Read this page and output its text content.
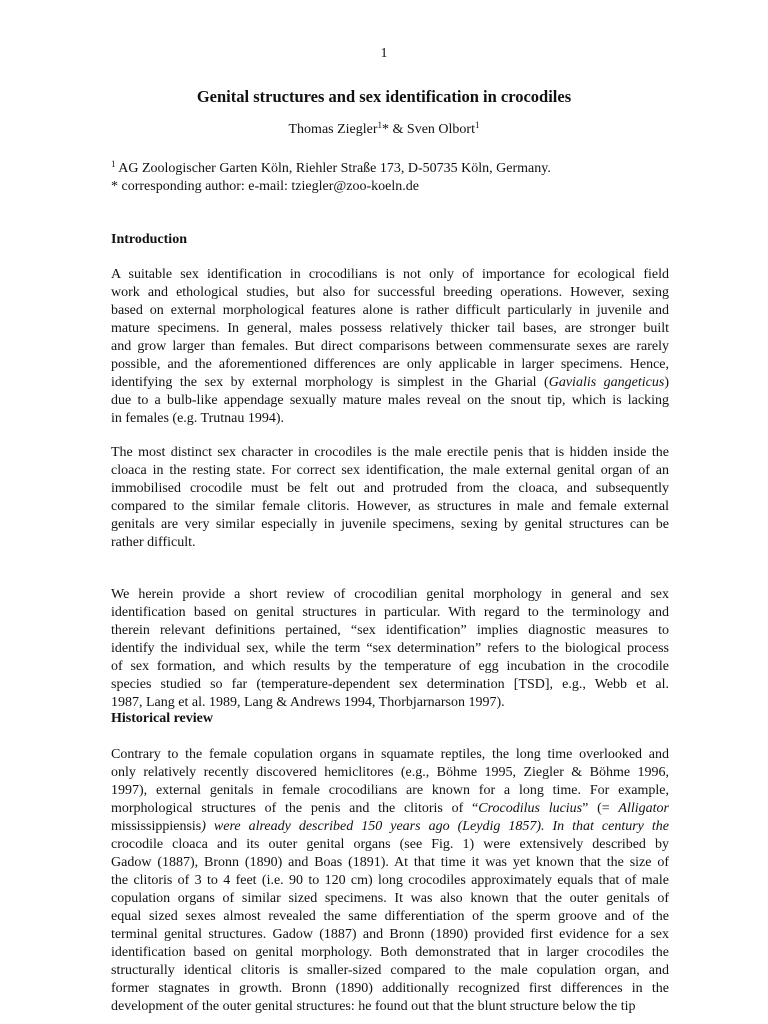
1
Genital structures and sex identification in crocodiles
Thomas Ziegler$^1$* & Sven Olbort$^1$
$^1$ AG Zoologischer Garten Köln, Riehler Straße 173, D-50735 Köln, Germany.
* corresponding author: e-mail: tziegler@zoo-koeln.de
Introduction
A suitable sex identification in crocodilians is not only of importance for ecological field
work and ethological studies, but also for successful breeding operations. However, sexing
based on external morphological features alone is rather difficult particularly in juvenile and
mature specimens. In general, males possess relatively thicker tail bases, are stronger built
and grow larger than females. But direct comparisons between commensurate sexes are rarely
possible, and the aforementioned differences are only applicable in larger specimens. Hence,
identifying the sex by external morphology is simplest in the Gharial (Gavialis gangeticus)
due to a bulb-like appendage sexually mature males reveal on the snout tip, which is lacking
in females (e.g. Trutnau 1994).
The most distinct sex character in crocodiles is the male erectile penis that is hidden inside the
cloaca in the resting state. For correct sex identification, the male external genital organ of an
immobilised crocodile must be felt out and protruded from the cloaca, and subsequently
compared to the similar female clitoris. However, as structures in male and female external
genitals are very similar especially in juvenile specimens, sexing by genital structures can be
rather difficult.
We herein provide a short review of crocodilian genital morphology in general and sex
identification based on genital structures in particular. With regard to the terminology and
therein relevant definitions pertained, “sex identification” implies diagnostic measures to
identify the individual sex, while the term “sex determination” refers to the biological process
of sex formation, and which results by the temperature of egg incubation in the crocodile
species studied so far (temperature-dependent sex determination [TSD], e.g., Webb et al.
1987, Lang et al. 1989, Lang & Andrews 1994, Thorbjarnarson 1997).
Historical review
Contrary to the female copulation organs in squamate reptiles, the long time overlooked and
only relatively recently discovered hemiclitores (e.g., Böhme 1995, Ziegler & Böhme 1996,
1997), external genitals in female crocodilians are known for a long time. For example,
morphological structures of the penis and the clitoris of “Crocodilus lucius” (= Alligator
mississippiensis) were already described 150 years ago (Leydig 1857). In that century the
crocodile cloaca and its outer genital organs (see Fig. 1) were extensively described by
Gadow (1887), Bronn (1890) and Boas (1891). At that time it was yet known that the size of
the clitoris of 3 to 4 feet (i.e. 90 to 120 cm) long crocodiles approximately equals that of male
copulation organs of similar sized specimens. It was also known that the outer genitals of
equal sized sexes almost revealed the same differentiation of the sperm groove and of the
terminal genital structures. Gadow (1887) and Bronn (1890) provided first evidence for a sex
identification based on genital morphology. Both demonstrated that in larger crocodiles the
structurally identical clitoris is smaller-sized compared to the male copulation organ, and
former stagnates in growth. Bronn (1890) additionally recognized first differences in the
development of the outer genital structures: he found out that the blunt structure below the tip
